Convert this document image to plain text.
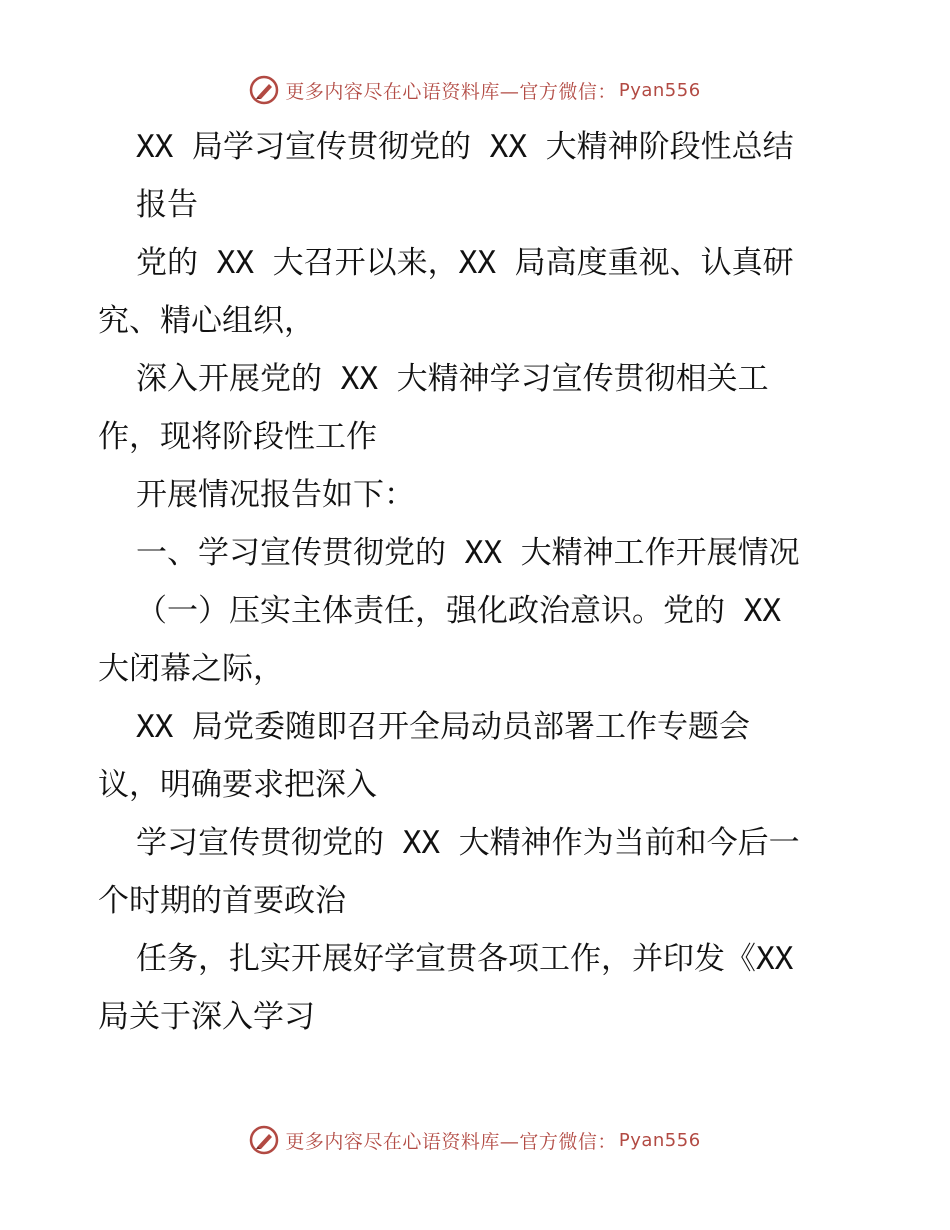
更多内容尽在心语资料库—官方微信： Pyan556
XX 局学习宣传贯彻党的 XX 大精神阶段性总结
报告
党的 XX 大召开以来，XX 局高度重视、认真研
究、精心组织，
深入开展党的 XX 大精神学习宣传贯彻相关工
作，现将阶段性工作
开展情况报告如下：
一、学习宣传贯彻党的 XX 大精神工作开展情况
（一）压实主体责任，强化政治意识。党的 XX
大闭幕之际，
XX 局党委随即召开全局动员部署工作专题会
议，明确要求把深入
学习宣传贯彻党的 XX 大精神作为当前和今后一
个时期的首要政治
任务，扎实开展好学宣贯各项工作，并印发《XX
局关于深入学习
更多内容尽在心语资料库—官方微信： Pyan556
